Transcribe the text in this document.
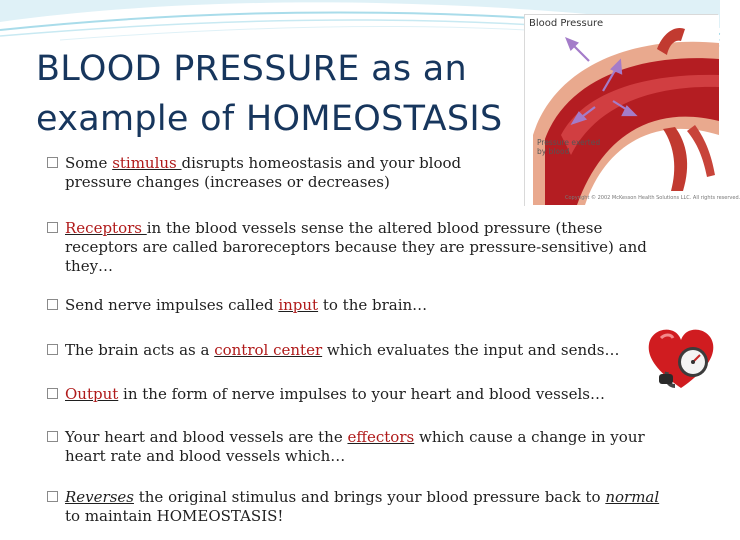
BLOOD PRESSURE as an
example of HOMEOSTASIS
Blood Pressure
Pressure exerted by blood
Copyright © 2002 McKesson Health Solutions LLC. All rights reserved.
Some stimulus disrupts homeostasis and your blood pressure changes (increases or decreases)
Receptors in the blood vessels sense the altered blood pressure (these receptors are called baroreceptors because they are pressure-sensitive) and they…
Send nerve impulses called input to the brain…
The brain acts as a control center which evaluates the input and sends…
Output in the form of nerve impulses to your heart and blood vessels…
Your heart and blood vessels are the effectors which cause a change in your heart rate and blood vessels which…
Reverses the original stimulus and brings your blood pressure back to normal to maintain HOMEOSTASIS!
